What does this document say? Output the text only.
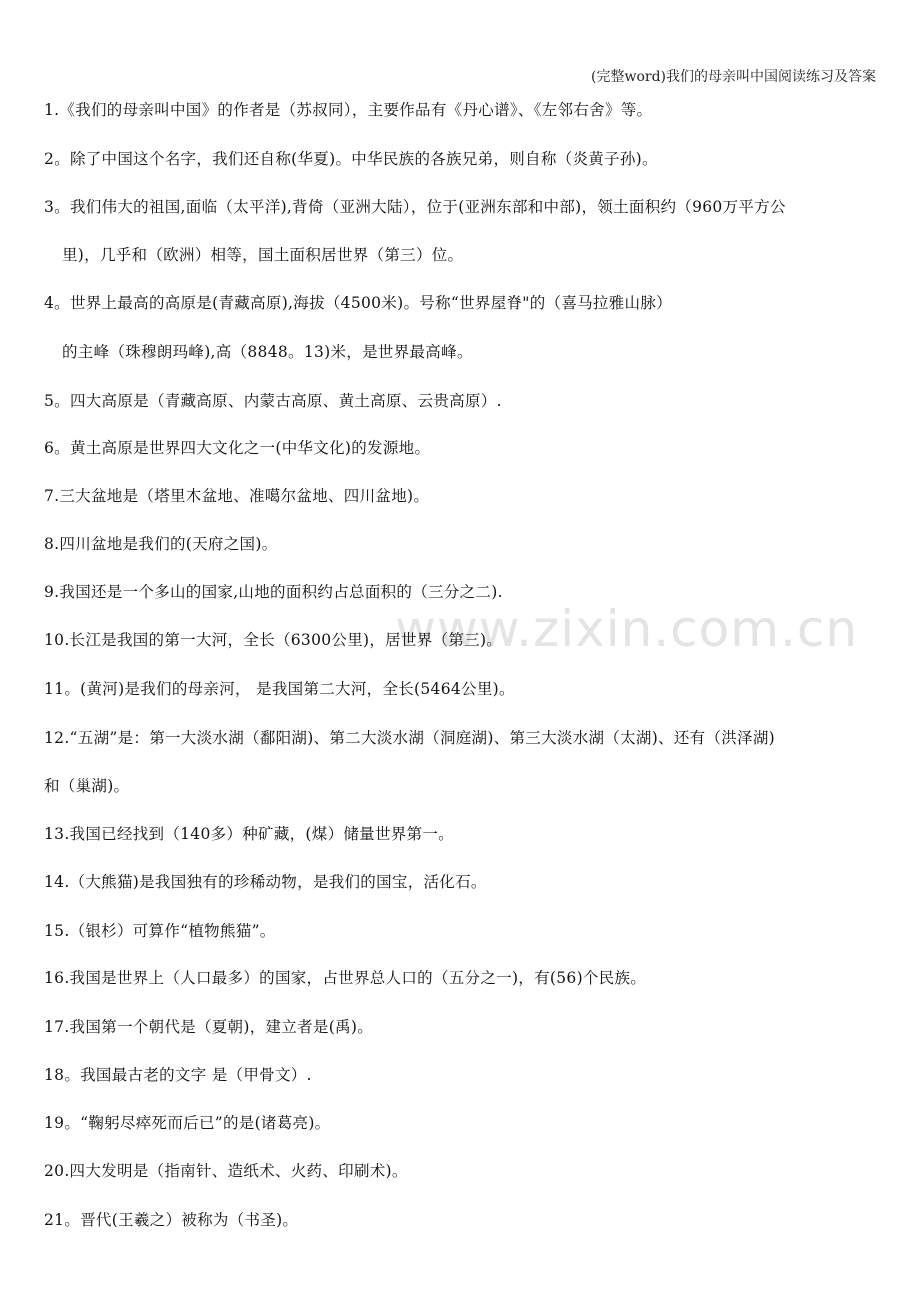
(完整word)我们的母亲叫中国阅读练习及答案
www.zixin.com.cn
1.《我们的母亲叫中国》的作者是（苏叔同），主要作品有《丹心谱》、《左邻右舍》等。
2。除了中国这个名字，我们还自称(华夏)。中华民族的各族兄弟，则自称（炎黄子孙)。
3。我们伟大的祖国,面临（太平洋),背倚（亚洲大陆），位于(亚洲东部和中部)，领土面积约（960万平方公
里)，几乎和（欧洲）相等，国土面积居世界（第三）位。
4。世界上最高的高原是(青藏高原),海拔（4500米)。号称“世界屋脊"的（喜马拉雅山脉）
的主峰（珠穆朗玛峰),高（8848。13)米，是世界最高峰。
5。四大高原是（青藏高原、内蒙古高原、黄土高原、云贵高原）.
6。黄土高原是世界四大文化之一(中华文化)的发源地。
7.三大盆地是（塔里木盆地、准噶尔盆地、四川盆地)。
8.四川盆地是我们的(天府之国)。
9.我国还是一个多山的国家,山地的面积约占总面积的（三分之二).
10.长江是我国的第一大河，全长（6300公里)，居世界（第三)。
11。(黄河)是我们的母亲河， 是我国第二大河，全长(5464公里)。
12.“五湖”是：第一大淡水湖（鄱阳湖)、第二大淡水湖（洞庭湖)、第三大淡水湖（太湖)、还有（洪泽湖)
和（巢湖)。
13.我国已经找到（140多）种矿藏，(煤）储量世界第一。
14.（大熊猫)是我国独有的珍稀动物，是我们的国宝，活化石。
15.（银杉）可算作“植物熊猫”。
16.我国是世界上（人口最多）的国家，占世界总人口的（五分之一)，有(56)个民族。
17.我国第一个朝代是（夏朝)，建立者是(禹)。
18。我国最古老的文字 是（甲骨文）.
19。“鞠躬尽瘁死而后已”的是(诸葛亮)。
20.四大发明是（指南针、造纸术、火药、印刷术)。
21。晋代(王羲之）被称为（书圣)。
